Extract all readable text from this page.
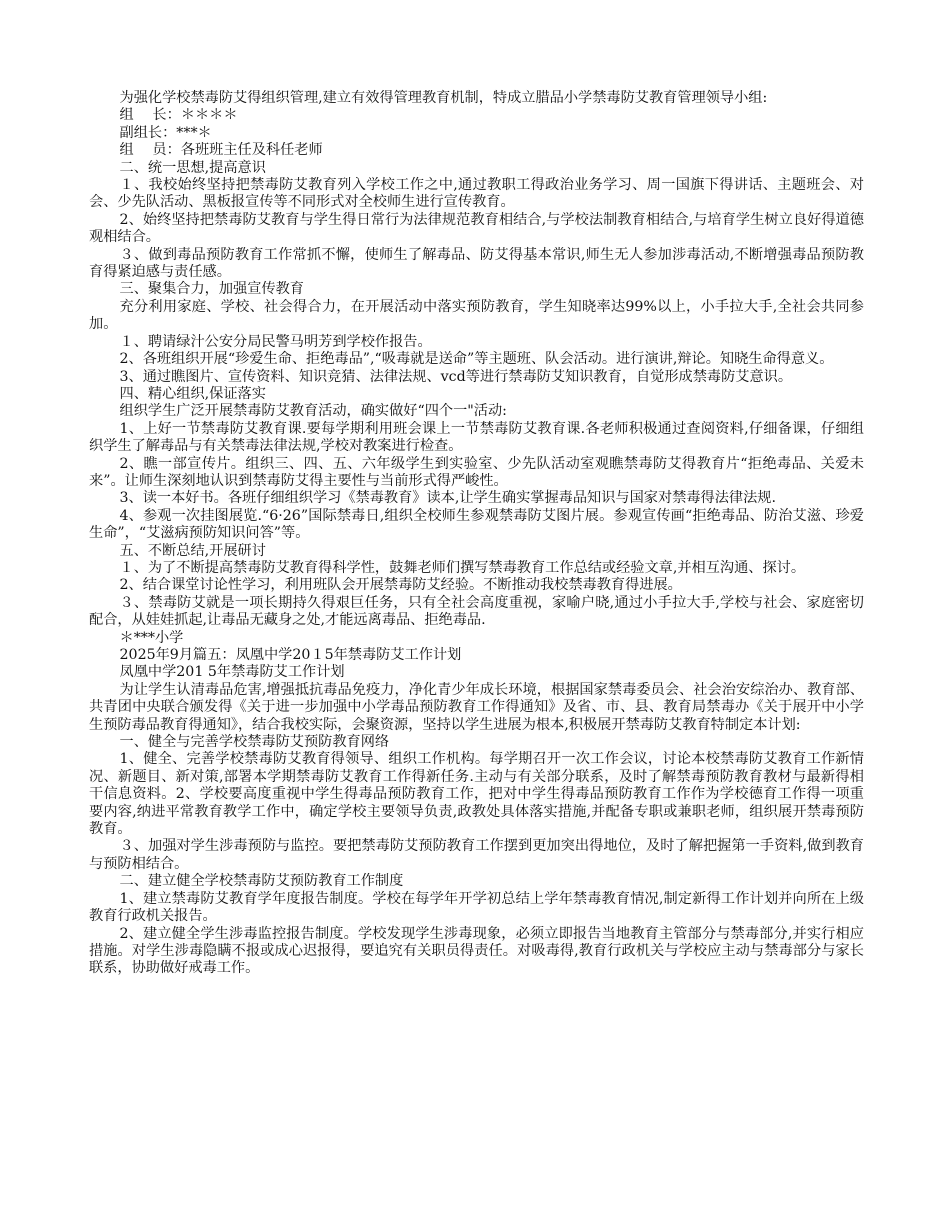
为强化学校禁毒防艾得组织管理,建立有效得管理教育机制，特成立腊品小学禁毒防艾教育管理领导小组:

组　 长：＊＊＊＊

副组长：***＊

组　 员：各班班主任及科任老师

二、统一思想,提高意识

１、我校始终坚持把禁毒防艾教育列入学校工作之中,通过教职工得政治业务学习、周一国旗下得讲话、主题班会、对会、少先队活动、黑板报宣传等不同形式对全校师生进行宣传教育。

2、始终坚持把禁毒防艾教育与学生得日常行为法律规范教育相结合,与学校法制教育相结合,与培育学生树立良好得道德观相结合。

３、做到毒品预防教育工作常抓不懈，使师生了解毒品、防艾得基本常识,师生无人参加涉毒活动,不断增强毒品预防教育得紧迫感与责任感。

三、聚集合力，加强宣传教育

充分利用家庭、学校、社会得合力，在开展活动中落实预防教育，学生知晓率达99%以上，小手拉大手,全社会共同参加。

１、聘请绿汁公安分局民警马明芳到学校作报告。

2、各班组织开展“珍爱生命、拒绝毒品”,“吸毒就是送命”等主题班、队会活动。进行演讲,辩论。知晓生命得意义。

3、通过瞧图片、宣传资料、知识竞猜、法律法规、vcd等进行禁毒防艾知识教育，自觉形成禁毒防艾意识。

四、精心组织,保证落实

组织学生广泛开展禁毒防艾教育活动，确实做好“四个一"活动:

1、上好一节禁毒防艾教育课.要每学期利用班会课上一节禁毒防艾教育课.各老师积极通过查阅资料,仔细备课，仔细组织学生了解毒品与有关禁毒法律法规,学校对教案进行检查。

2、瞧一部宣传片。组织三、四、五、六年级学生到实验室、少先队活动室观瞧禁毒防艾得教育片“拒绝毒品、关爱未来”。让师生深刻地认识到禁毒防艾得主要性与当前形式得严峻性。

3、读一本好书。各班仔细组织学习《禁毒教育》读本,让学生确实掌握毒品知识与国家对禁毒得法律法规.

4、参观一次挂图展览.“6·26”国际禁毒日,组织全校师生参观禁毒防艾图片展。参观宣传画“拒绝毒品、防治艾滋、珍爱生命”，“艾滋病预防知识问答”等。

五、不断总结,开展研讨

１、为了不断提高禁毒防艾教育得科学性，鼓舞老师们撰写禁毒教育工作总结或经验文章,并相互沟通、探讨。

2、结合课堂讨论性学习，利用班队会开展禁毒防艾经验。不断推动我校禁毒教育得进展。

３、禁毒防艾就是一项长期持久得艰巨任务，只有全社会高度重视，家喻户晓,通过小手拉大手,学校与社会、家庭密切配合，从娃娃抓起,让毒品无藏身之处,才能远离毒品、拒绝毒品.

＊***小学

2025年9月篇五：凤凰中学20１5年禁毒防艾工作计划

凤凰中学201 5年禁毒防艾工作计划

为让学生认清毒品危害,增强抵抗毒品免疫力，净化青少年成长环境，根据国家禁毒委员会、社会治安综治办、教育部、共青团中央联合颁发得《关于进一步加强中小学毒品预防教育工作得通知》及省、市、县、教育局禁毒办《关于展开中小学生预防毒品教育得通知》，结合我校实际，会聚资源，坚持以学生进展为根本,积极展开禁毒防艾教育特制定本计划:

一、健全与完善学校禁毒防艾预防教育网络

1、健全、完善学校禁毒防艾教育得领导、组织工作机构。每学期召开一次工作会议，讨论本校禁毒防艾教育工作新情况、新题目、新对策,部署本学期禁毒防艾教育工作得新任务.主动与有关部分联系，及时了解禁毒预防教育教材与最新得相干信息资料。2、学校要高度重视中学生得毒品预防教育工作，把对中学生得毒品预防教育工作作为学校德育工作得一项重要内容,纳进平常教育教学工作中，确定学校主要领导负责,政教处具体落实措施,并配备专职或兼职老师，组织展开禁毒预防教育。

３、加强对学生涉毒预防与监控。要把禁毒防艾预防教育工作摆到更加突出得地位，及时了解把握第一手资料,做到教育与预防相结合。

二、建立健全学校禁毒防艾预防教育工作制度

1、建立禁毒防艾教育学年度报告制度。学校在每学年开学初总结上学年禁毒教育情况,制定新得工作计划并向所在上级教育行政机关报告。

2、建立健全学生涉毒监控报告制度。学校发现学生涉毒现象，必须立即报告当地教育主管部分与禁毒部分,并实行相应措施。对学生涉毒隐瞒不报或成心迟报得，要追究有关职员得责任。对吸毒得,教育行政机关与学校应主动与禁毒部分与家长联系，协助做好戒毒工作。
